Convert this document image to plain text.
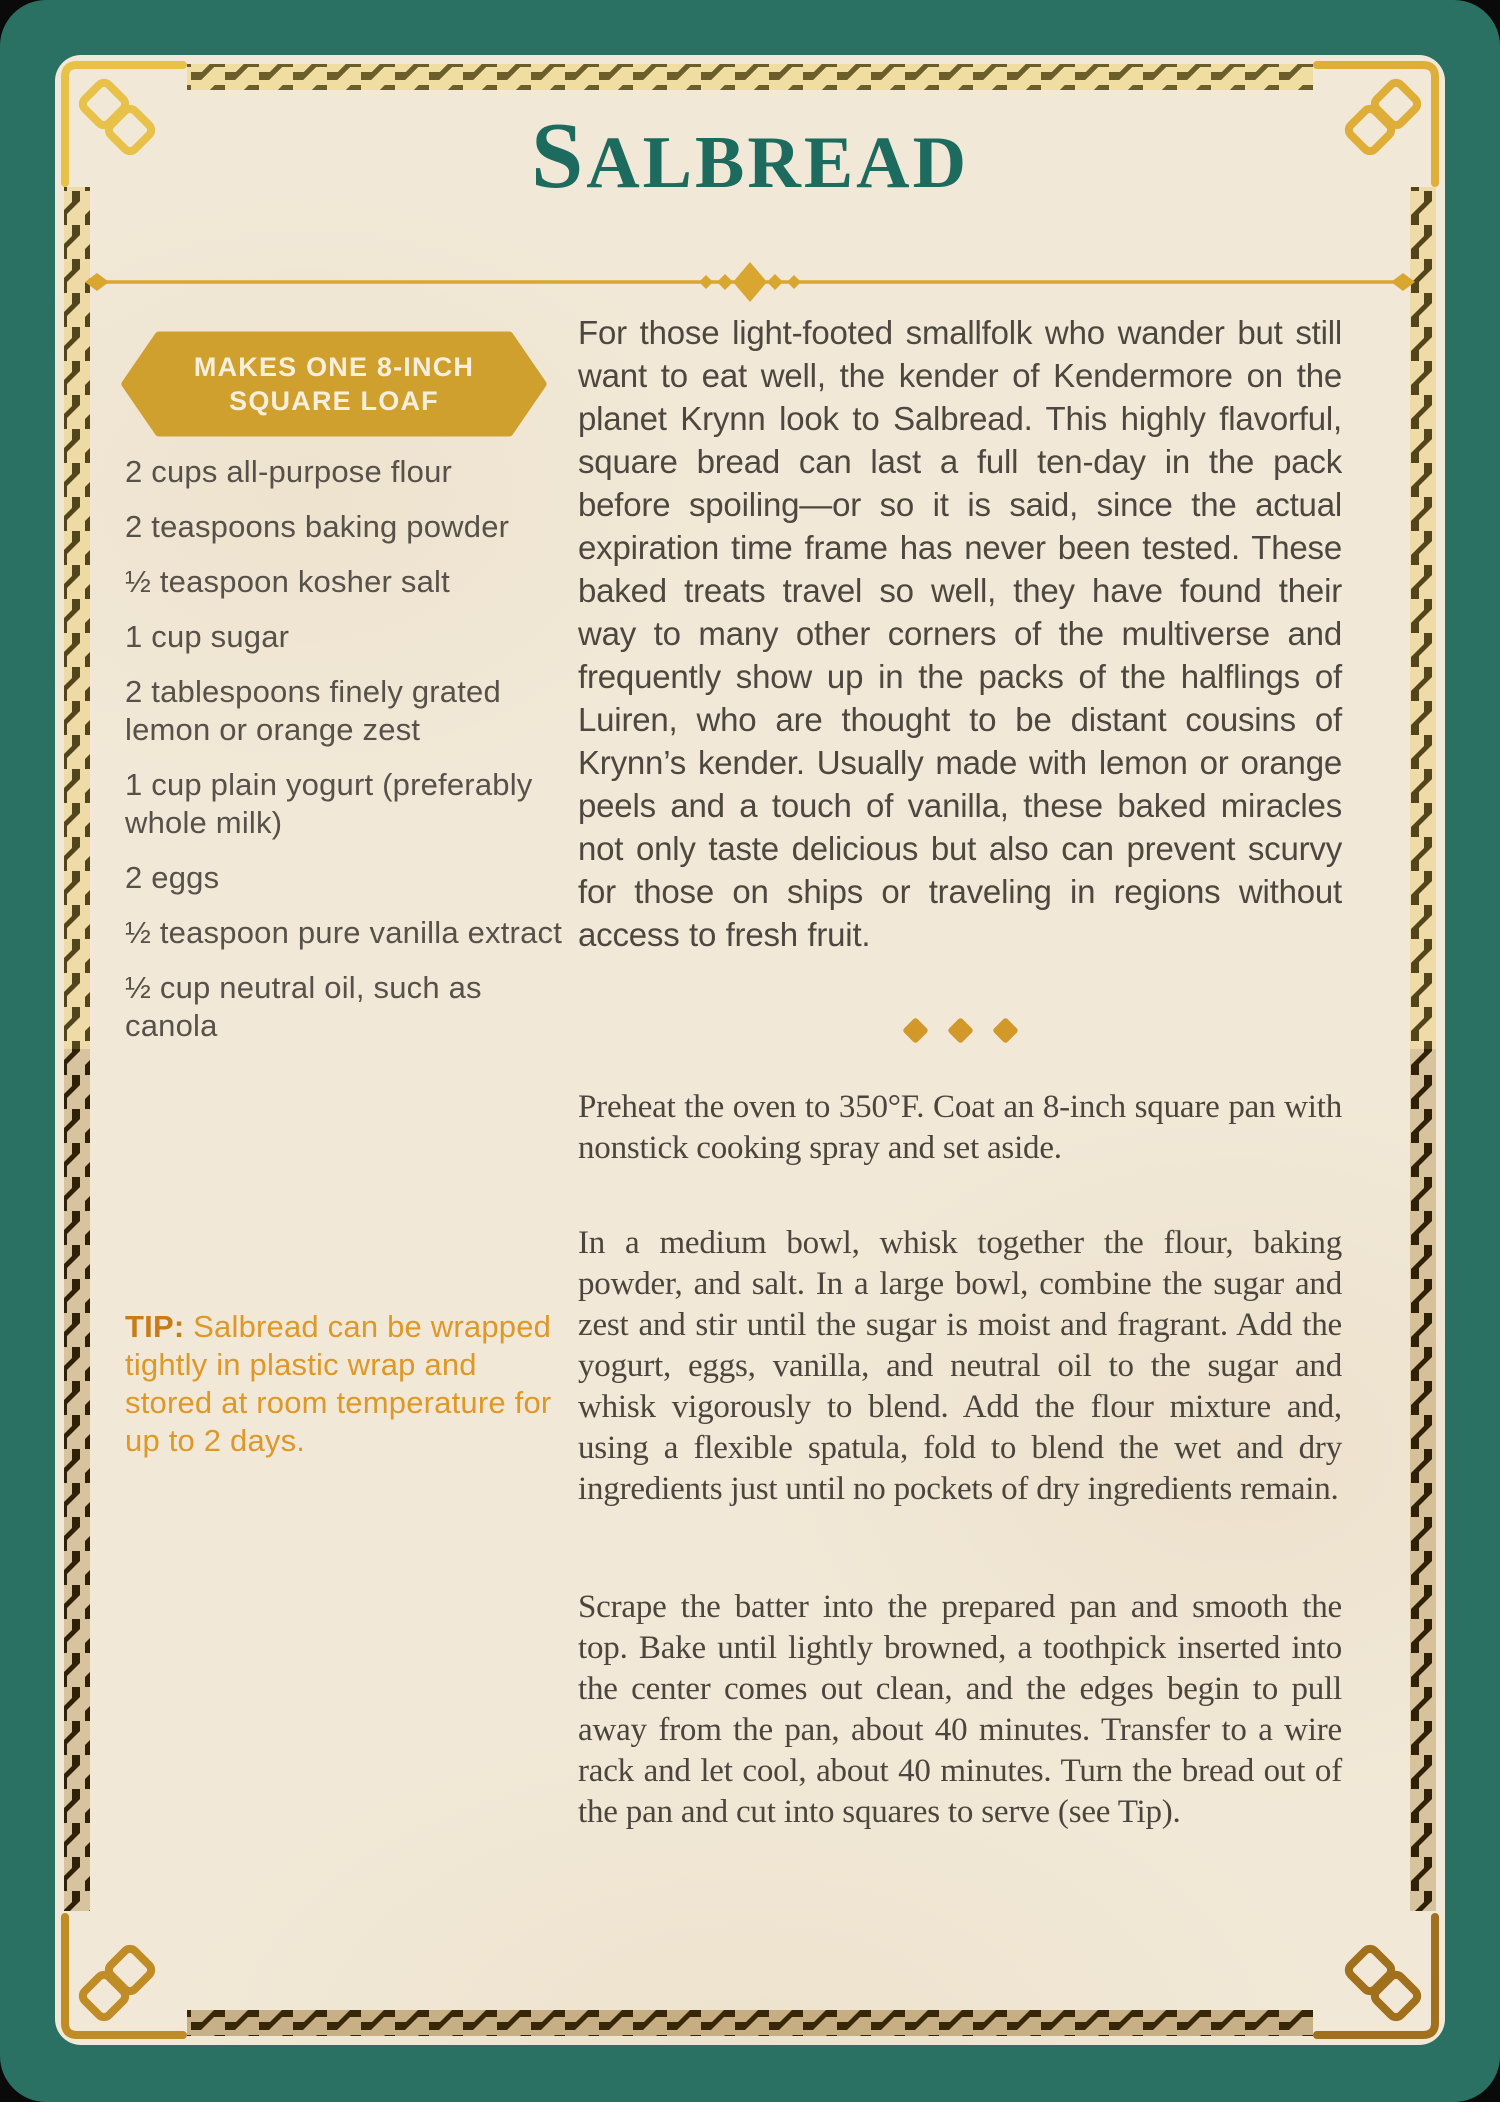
SALBREAD
MAKES ONE 8-INCH
SQUARE LOAF
2 cups all-purpose flour
2 teaspoons baking powder
½ teaspoon kosher salt
1 cup sugar
2 tablespoons finely grated lemon or orange zest
1 cup plain yogurt (preferably whole milk)
2 eggs
½ teaspoon pure vanilla extract
½ cup neutral oil, such as canola

TIP: Salbread can be wrapped tightly in plastic wrap and stored at room temperature for up to 2 days.

For those light-footed smallfolk who wander but still want to eat well, the kender of Kendermore on the planet Krynn look to Salbread. This highly flavorful, square bread can last a full ten-day in the pack before spoiling—or so it is said, since the actual expiration time frame has never been tested. These baked treats travel so well, they have found their way to many other corners of the multiverse and frequently show up in the packs of the halflings of Luiren, who are thought to be distant cousins of Krynn’s kender. Usually made with lemon or orange peels and a touch of vanilla, these baked miracles not only taste delicious but also can prevent scurvy for those on ships or traveling in regions without access to fresh fruit.

Preheat the oven to 350°F. Coat an 8-inch square pan with nonstick cooking spray and set aside.

In a medium bowl, whisk together the flour, baking powder, and salt. In a large bowl, combine the sugar and zest and stir until the sugar is moist and fragrant. Add the yogurt, eggs, vanilla, and neutral oil to the sugar and whisk vigorously to blend. Add the flour mixture and, using a flexible spatula, fold to blend the wet and dry ingredients just until no pockets of dry ingredients remain.

Scrape the batter into the prepared pan and smooth the top. Bake until lightly browned, a toothpick inserted into the center comes out clean, and the edges begin to pull away from the pan, about 40 minutes. Transfer to a wire rack and let cool, about 40 minutes. Turn the bread out of the pan and cut into squares to serve (see Tip).
